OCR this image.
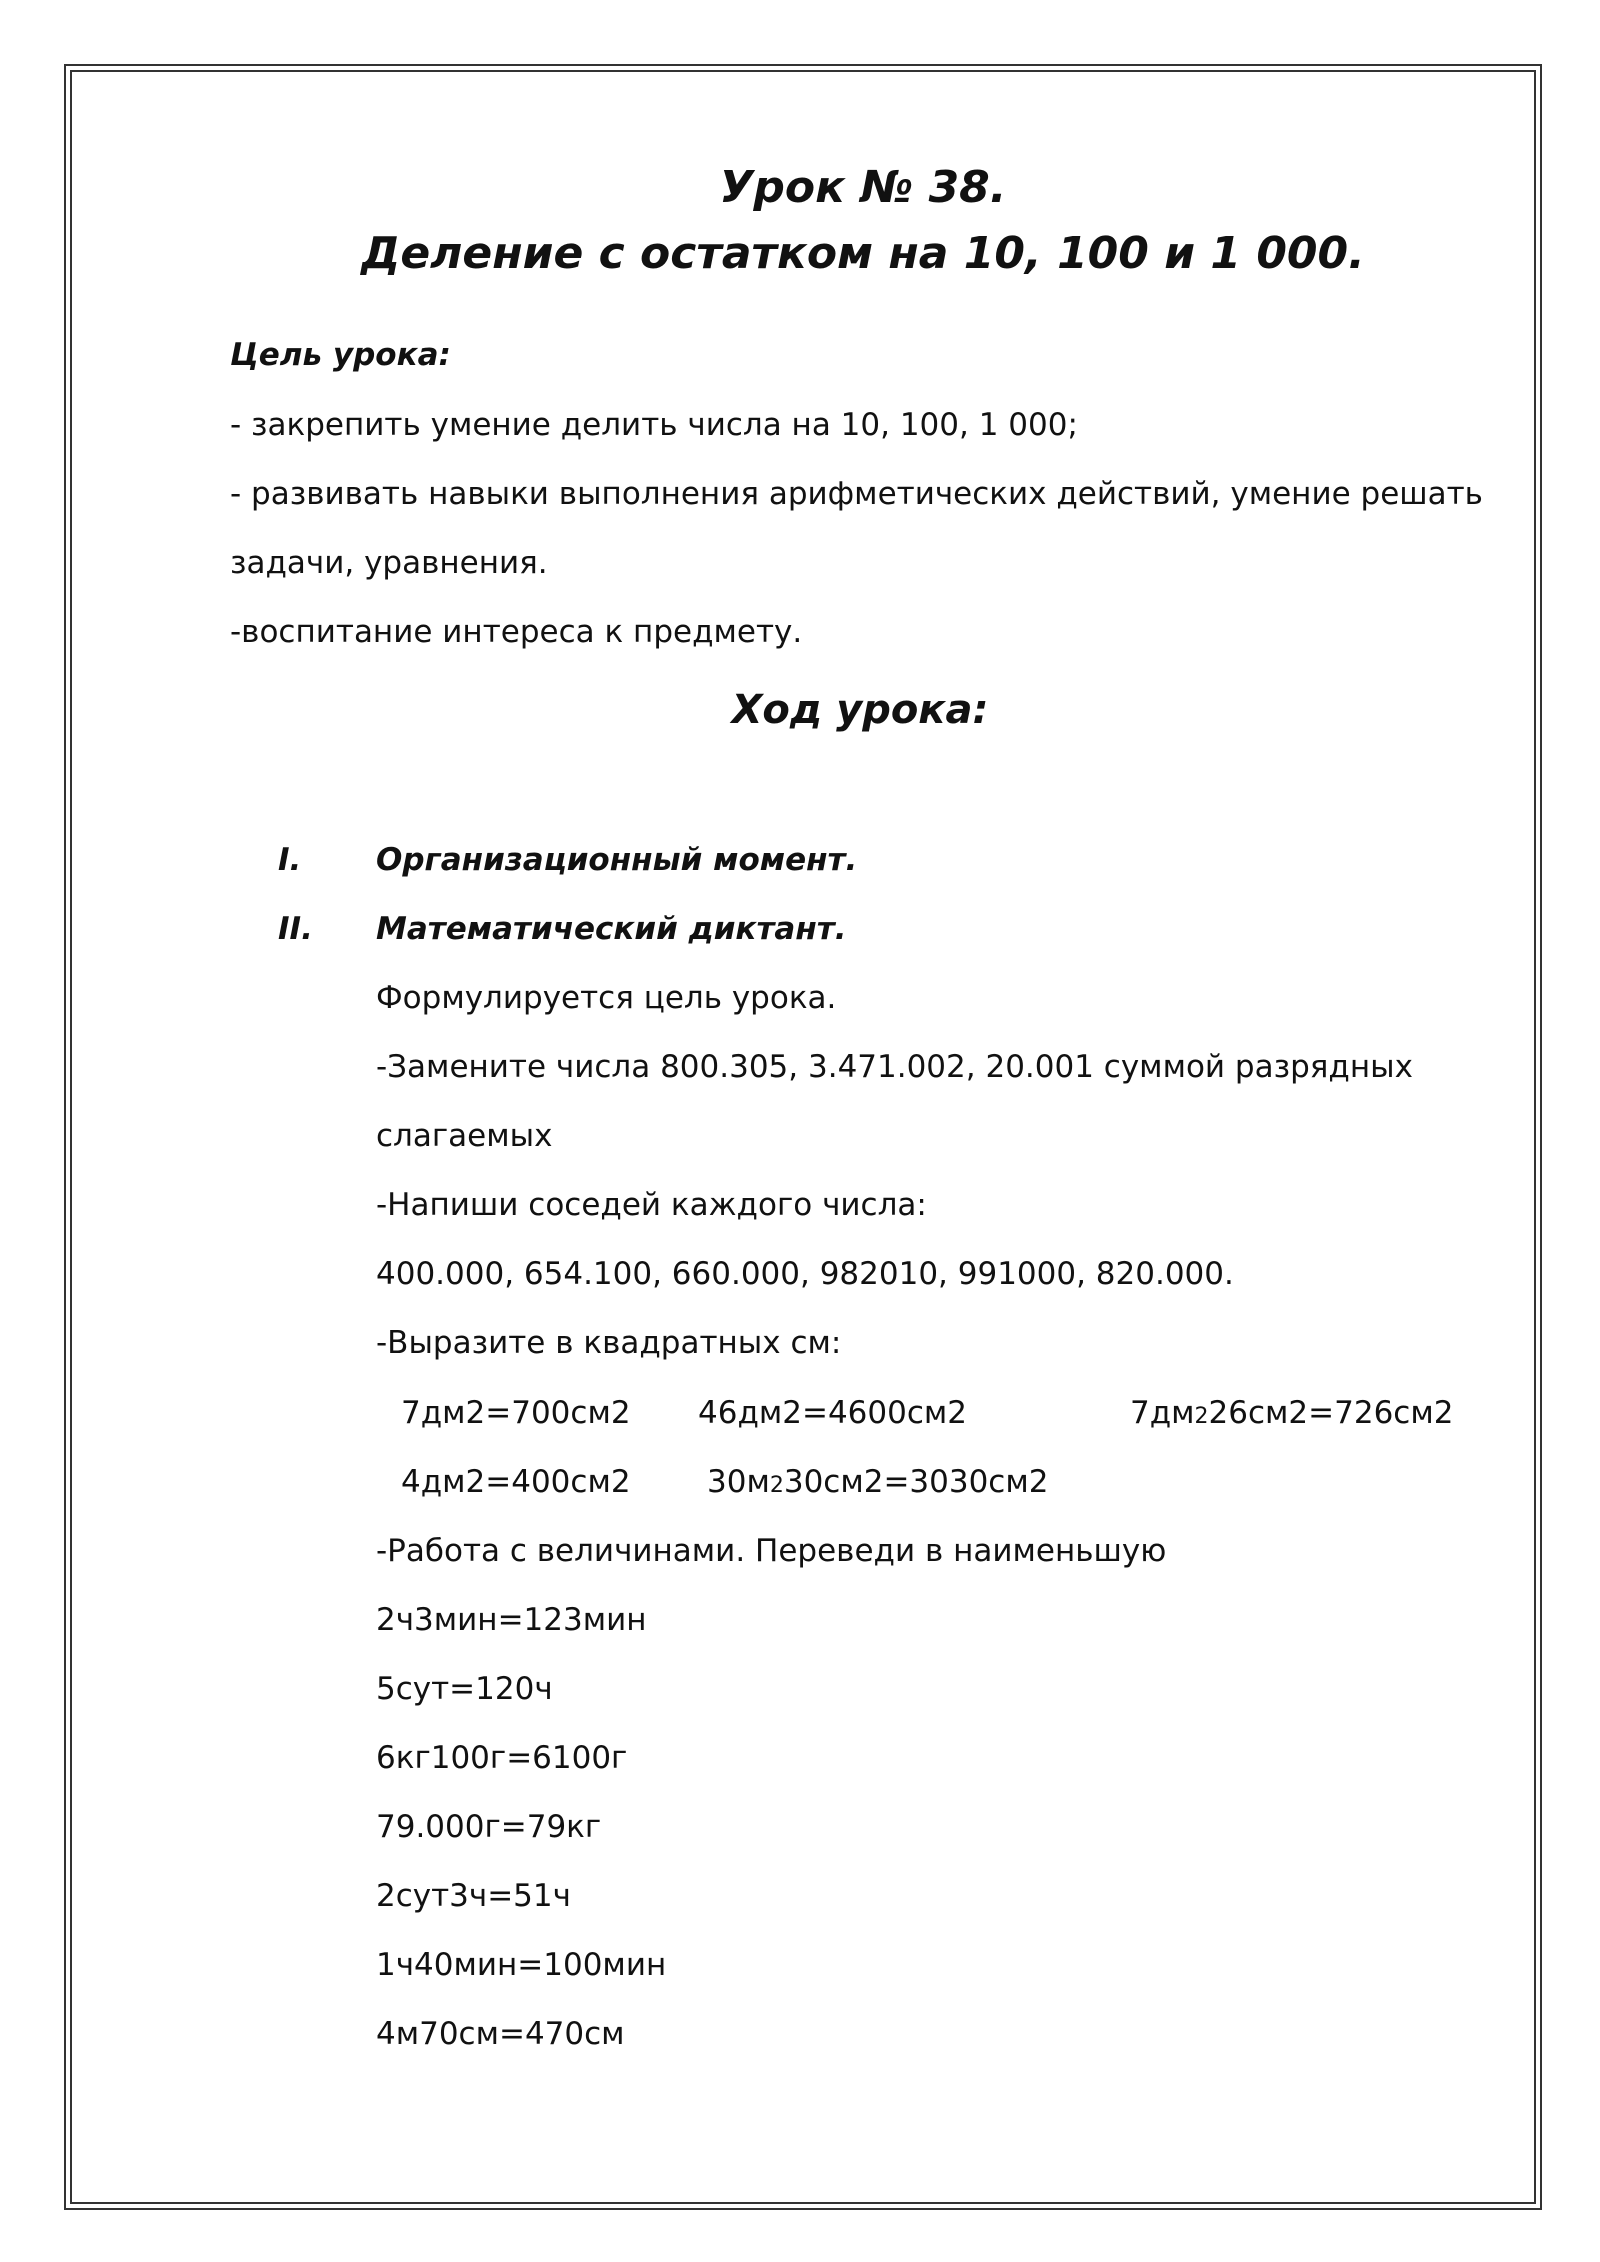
Урок № 38.
Деление с остатком на 10, 100 и 1 000.
Цель урока:
- закрепить умение делить числа на 10, 100, 1 000;
- развивать навыки выполнения арифметических действий, умение решать
задачи, уравнения.
-воспитание интереса к предмету.
Ход урока:
I. Организационный момент.
II. Математический диктант.
Формулируется цель урока.
-Замените числа 800.305, 3.471.002, 20.001 суммой разрядных
слагаемых
-Напиши соседей каждого числа:
400.000, 654.100, 660.000, 982010, 991000, 820.000.
-Выразите в квадратных см:
7дм2=700см2 46дм2=4600см2	7дм226см2=726см2
4дм2=400см2 30м230см2=3030см2
-Работа с величинами. Переведи в наименьшую
2ч3мин=123мин
5сут=120ч
6кг100г=6100г
79.000г=79кг
2сут3ч=51ч
1ч40мин=100мин
4м70см=470см
